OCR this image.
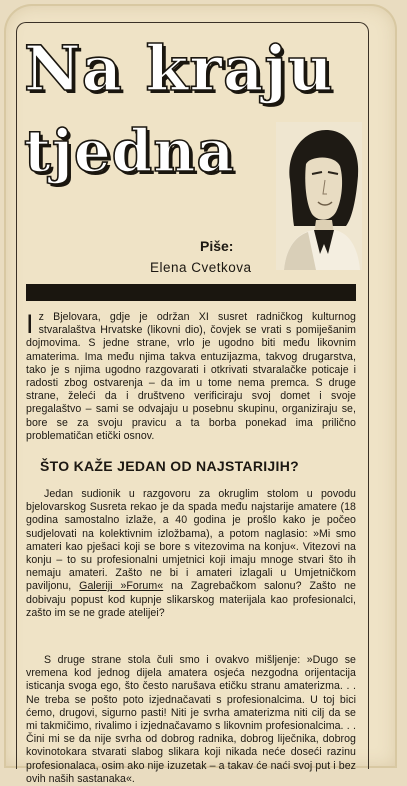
Na kraju
tjedna

Piše:

Elena Cvetkova

Iz Bjelovara, gdje je održan XI susret radničkog kulturnog stvaralaštva Hrvatske (likovni dio), čovjek se vrati s pomiješanim dojmovima. S jedne strane, vrlo je ugodno biti među likovnim amaterima. Ima među njima takva entuzijazma, takvog drugarstva, tako je s njima ugodno razgovarati i otkrivati stvaralačke poticaje i radosti zbog ostvarenja – da im u tome nema premca. S druge strane, želeći da i društveno verificiraju svoj domet i svoje pregalaštvo – sami se odvajaju u posebnu skupinu, organiziraju se, bore se za svoju pravicu a ta borba ponekad ima prilično problematičan etički osnov.

ŠTO KAŽE JEDAN OD NAJSTARIJIH?

Jedan sudionik u razgovoru za okruglim stolom u povodu bjelovarskog Susreta rekao je da spada među najstarije amatere (18 godina samostalno izlaže, a 40 godina je prošlo kako je počeo sudjelovati na kolektivnim izložbama), a potom naglasio: »Mi smo amateri kao pješaci koji se bore s vitezovima na konju«. Vitezovi na konju – to su profesionalni umjetnici koji imaju mnoge stvari što ih nemaju amateri. Zašto ne bi i amateri izlagali u Umjetničkom paviljonu, Galeriji »Forum« na Zagrebačkom salonu? Zašto ne dobivaju popust kod kupnje slikarskog materijala kao profesionalci, zašto im se ne grade atelijei?

S druge strane stola čuli smo i ovakvo mišljenje: »Dugo se vremena kod jednog dijela amatera osjeća nezgodna orijentacija isticanja svoga ego, što često narušava etičku stranu amaterizma. . . Ne treba se pošto poto izjednačavati s profesionalcima. U toj bici ćemo, drugovi, sigurno pasti! Niti je svrha amaterizma niti cilj da se mi takmičimo, rivalimo i izjednačavamo s likovnim profesionalcima. . . Čini mi se da nije svrha od dobrog radnika, dobrog liječnika, dobrog kovinotokara stvarati slabog slikara koji nikada neće doseći razinu profesionalaca, osim ako nije izuzetak – a takav će naći svoj put i bez ovih naših sastanaka«.
